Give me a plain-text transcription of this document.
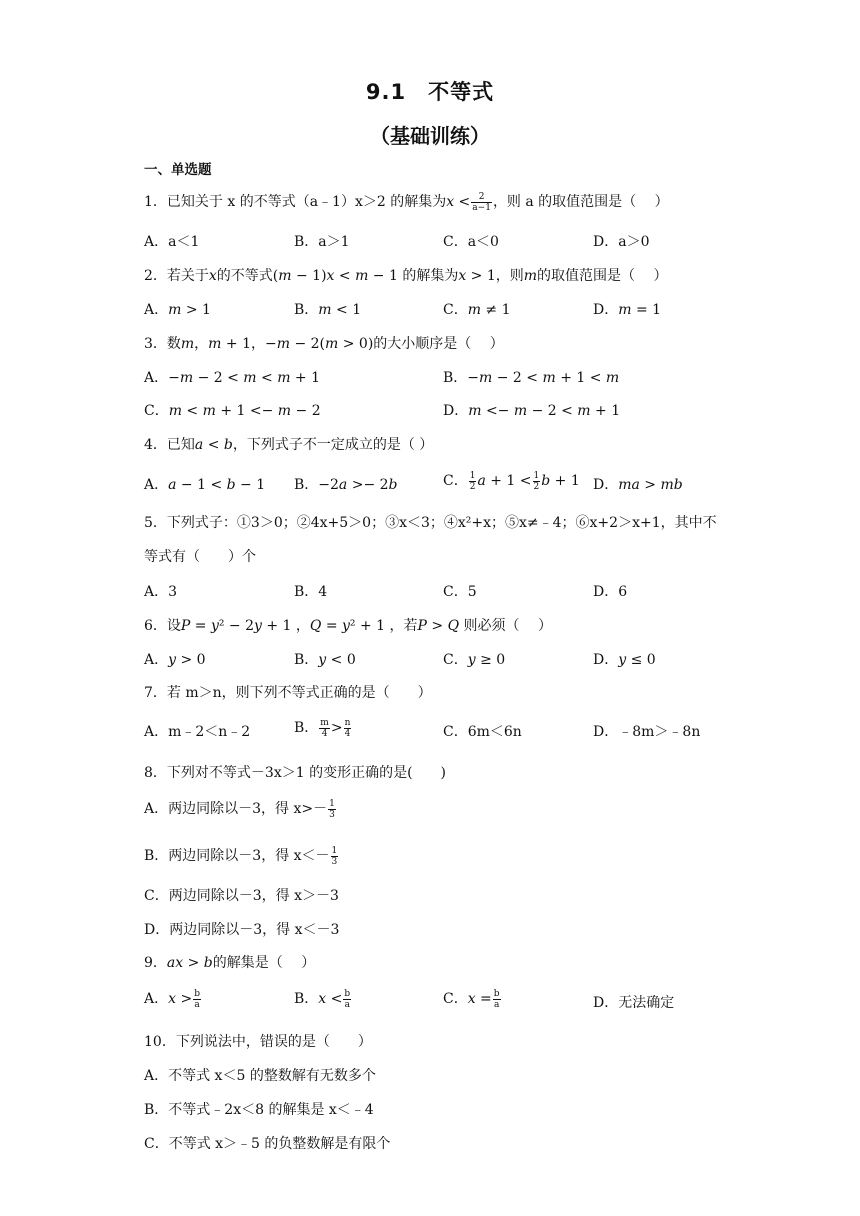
9.1　不等式
（基础训练）
一、单选题
1．已知关于 x 的不等式（a﹣1）x＞2 的解集为𝑥 < $\frac{2}{a-1}$ ，则 a 的取值范围是（　 ）
A．a＜1	B．a＞1	C．a＜0	D．a＞0
2．若关于𝑥的不等式(𝑚 − 1)𝑥 < 𝑚 − 1 的解集为𝑥 > 1，则𝑚的取值范围是（　 ）
A．𝑚 > 1	B．𝑚 < 1	C．𝑚 ≠ 1	D．𝑚 = 1
3．数𝑚，𝑚 + 1，−𝑚 − 2(𝑚 > 0)的大小顺序是（　 ）
A．−𝑚 − 2 < 𝑚 < 𝑚 + 1	B．−𝑚 − 2 < 𝑚 + 1 < 𝑚
C．𝑚 < 𝑚 + 1 <− 𝑚 − 2	D．𝑚 <− 𝑚 − 2 < 𝑚 + 1
4．已知𝑎 < 𝑏，下列式子不一定成立的是（ ）
A．𝑎 − 1 < 𝑏 − 1 B．−2𝑎 >− 2𝑏	C． $\frac{1}{2}$ 𝑎 + $1 < \frac{1}{2}$ 𝑏 + 1 D．𝑚𝑎 > 𝑚𝑏
5．下列式子：①3＞0；②4x+5＞0；③x＜3；④x²+x；⑤x≠﹣4；⑥x+2＞x+1，其中不
等式有（　　）个
A．3	B．4	C．5	D．6
6．设𝑃 = 𝑦² − 2𝑦 + 1 ，𝑄 = 𝑦² + 1 ，若𝑃 > 𝑄 则必须（　 ）
A．𝑦 > 0	B．𝑦 < 0	C．𝑦 ≥ 0	D．𝑦 ≤ 0
7．若 m＞n，则下列不等式正确的是（　　）
A．m﹣2＜n﹣2	B． $\frac{m}{4} > \frac{n}{4}$	C．6m＜6n	D．﹣8m＞﹣8n
8．下列对不等式－3x＞1 的变形正确的是(　　)
A．两边同除以－3，得 $x>- \frac{1}{3}$
B．两边同除以－3，得 $x<- \frac{1}{3}$
C．两边同除以－3，得 x＞－3
D．两边同除以－3，得 x＜－3
9．𝑎𝑥 > 𝑏的解集是（　 ）
A．𝑥 > $\frac{b}{a}$	B．𝑥 < $\frac{b}{a}$	C．𝑥 = $\frac{b}{a}$	D．无法确定
10．下列说法中，错误的是（　　）
A．不等式 x＜5 的整数解有无数多个
B．不等式﹣2x＜8 的解集是 x＜﹣4
C．不等式 x＞﹣5 的负整数解是有限个
